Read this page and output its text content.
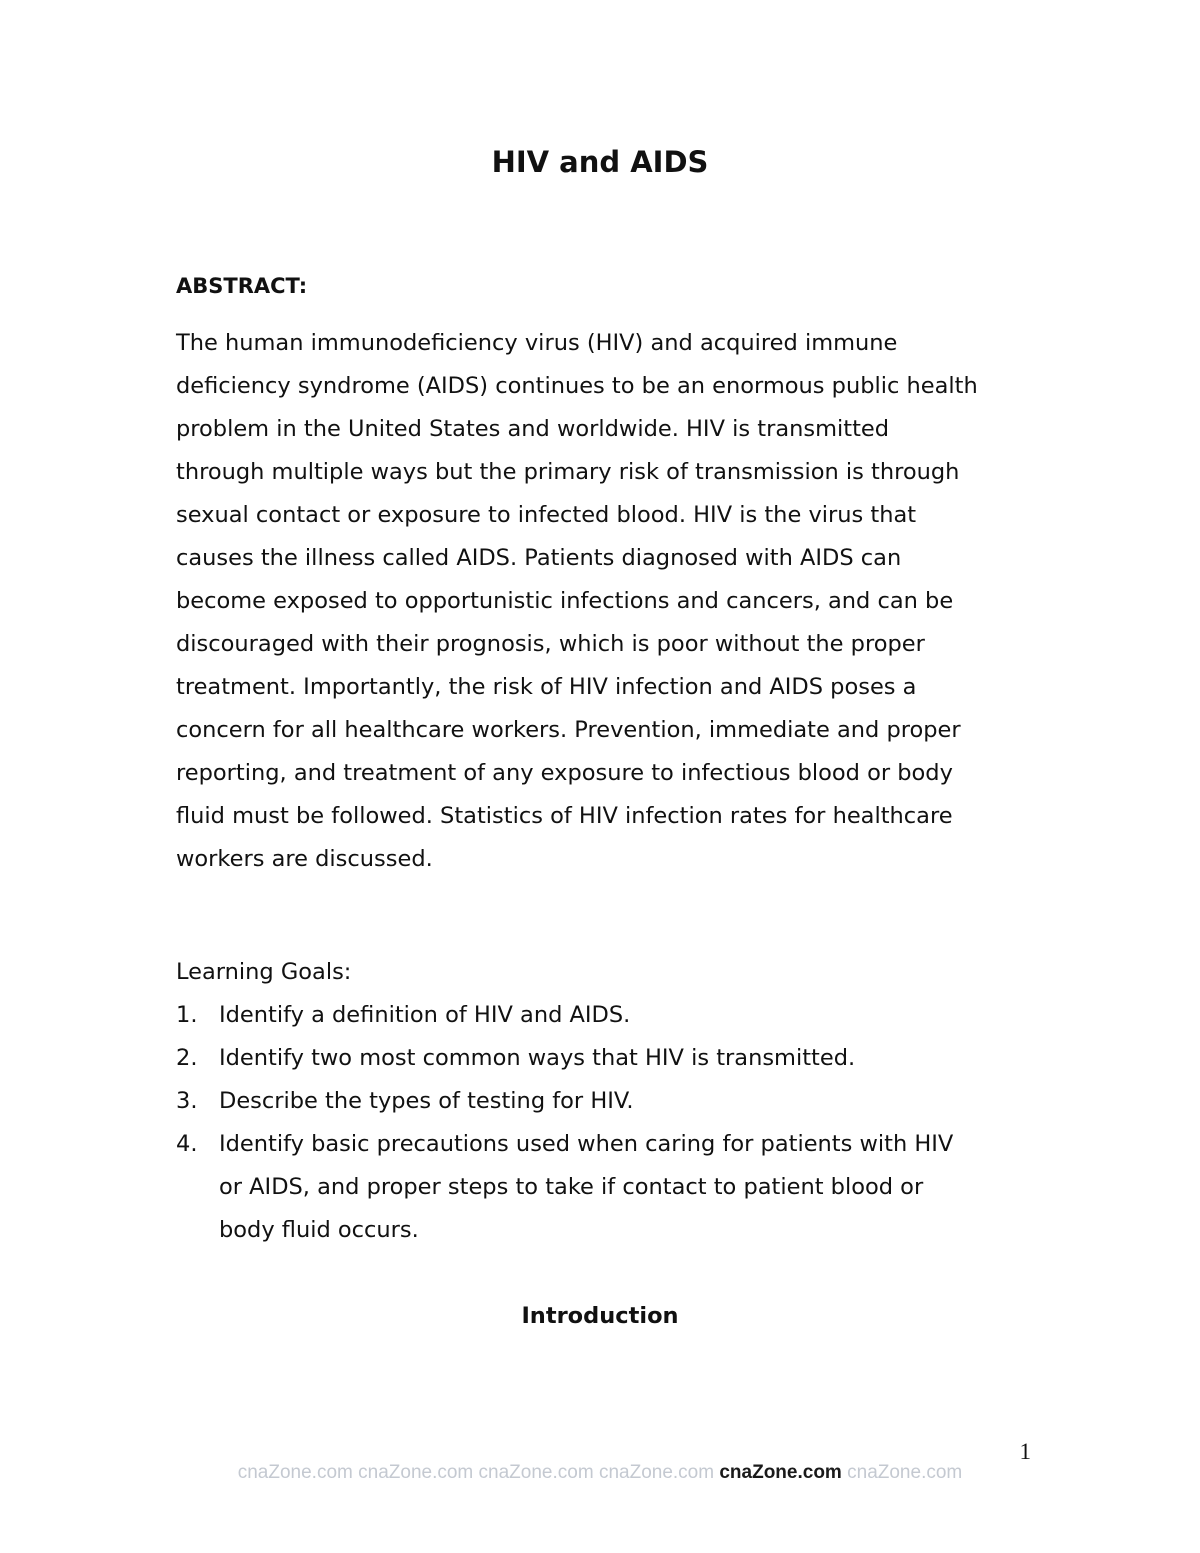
HIV and AIDS
ABSTRACT:
The human immunodeficiency virus (HIV) and acquired immune
deficiency syndrome (AIDS) continues to be an enormous public health
problem in the United States and worldwide. HIV is transmitted
through multiple ways but the primary risk of transmission is through
sexual contact or exposure to infected blood. HIV is the virus that
causes the illness called AIDS. Patients diagnosed with AIDS can
become exposed to opportunistic infections and cancers, and can be
discouraged with their prognosis, which is poor without the proper
treatment. Importantly, the risk of HIV infection and AIDS poses a
concern for all healthcare workers. Prevention, immediate and proper
reporting, and treatment of any exposure to infectious blood or body
fluid must be followed. Statistics of HIV infection rates for healthcare
workers are discussed.
Learning Goals:
1. Identify a definition of HIV and AIDS.
2. Identify two most common ways that HIV is transmitted.
3. Describe the types of testing for HIV.
4. Identify basic precautions used when caring for patients with HIV
or AIDS, and proper steps to take if contact to patient blood or
body fluid occurs.
Introduction
1
cnaZone.com cnaZone.com cnaZone.com cnaZone.com cnaZone.com cnaZone.com
